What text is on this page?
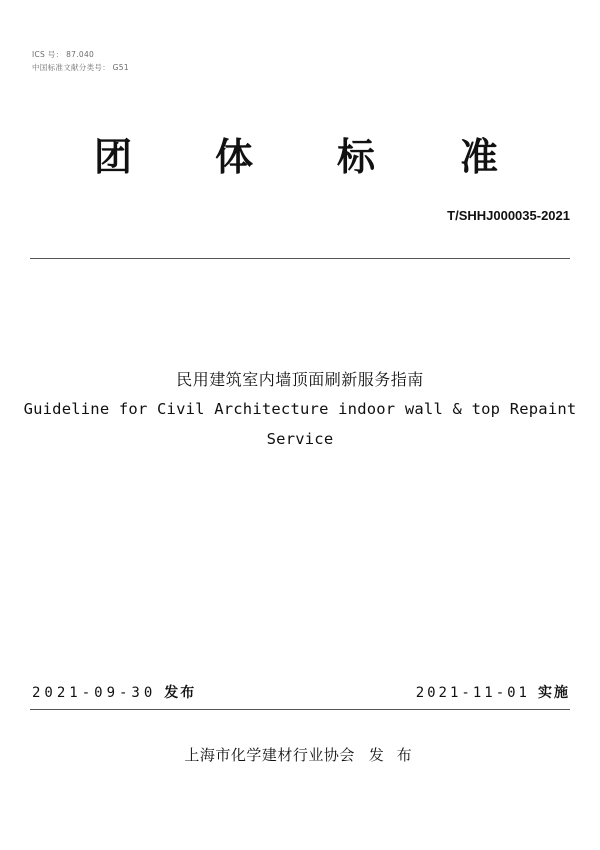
ICS 号： 87.040
中国标准文献分类号： G51
团 体 标 准
T/SHHJ000035-2021
民用建筑室内墙顶面刷新服务指南
Guideline for Civil Architecture indoor wall & top Repaint
Service
2021-09-30 发布	2021-11-01 实施
上海市化学建材行业协会 发 布
